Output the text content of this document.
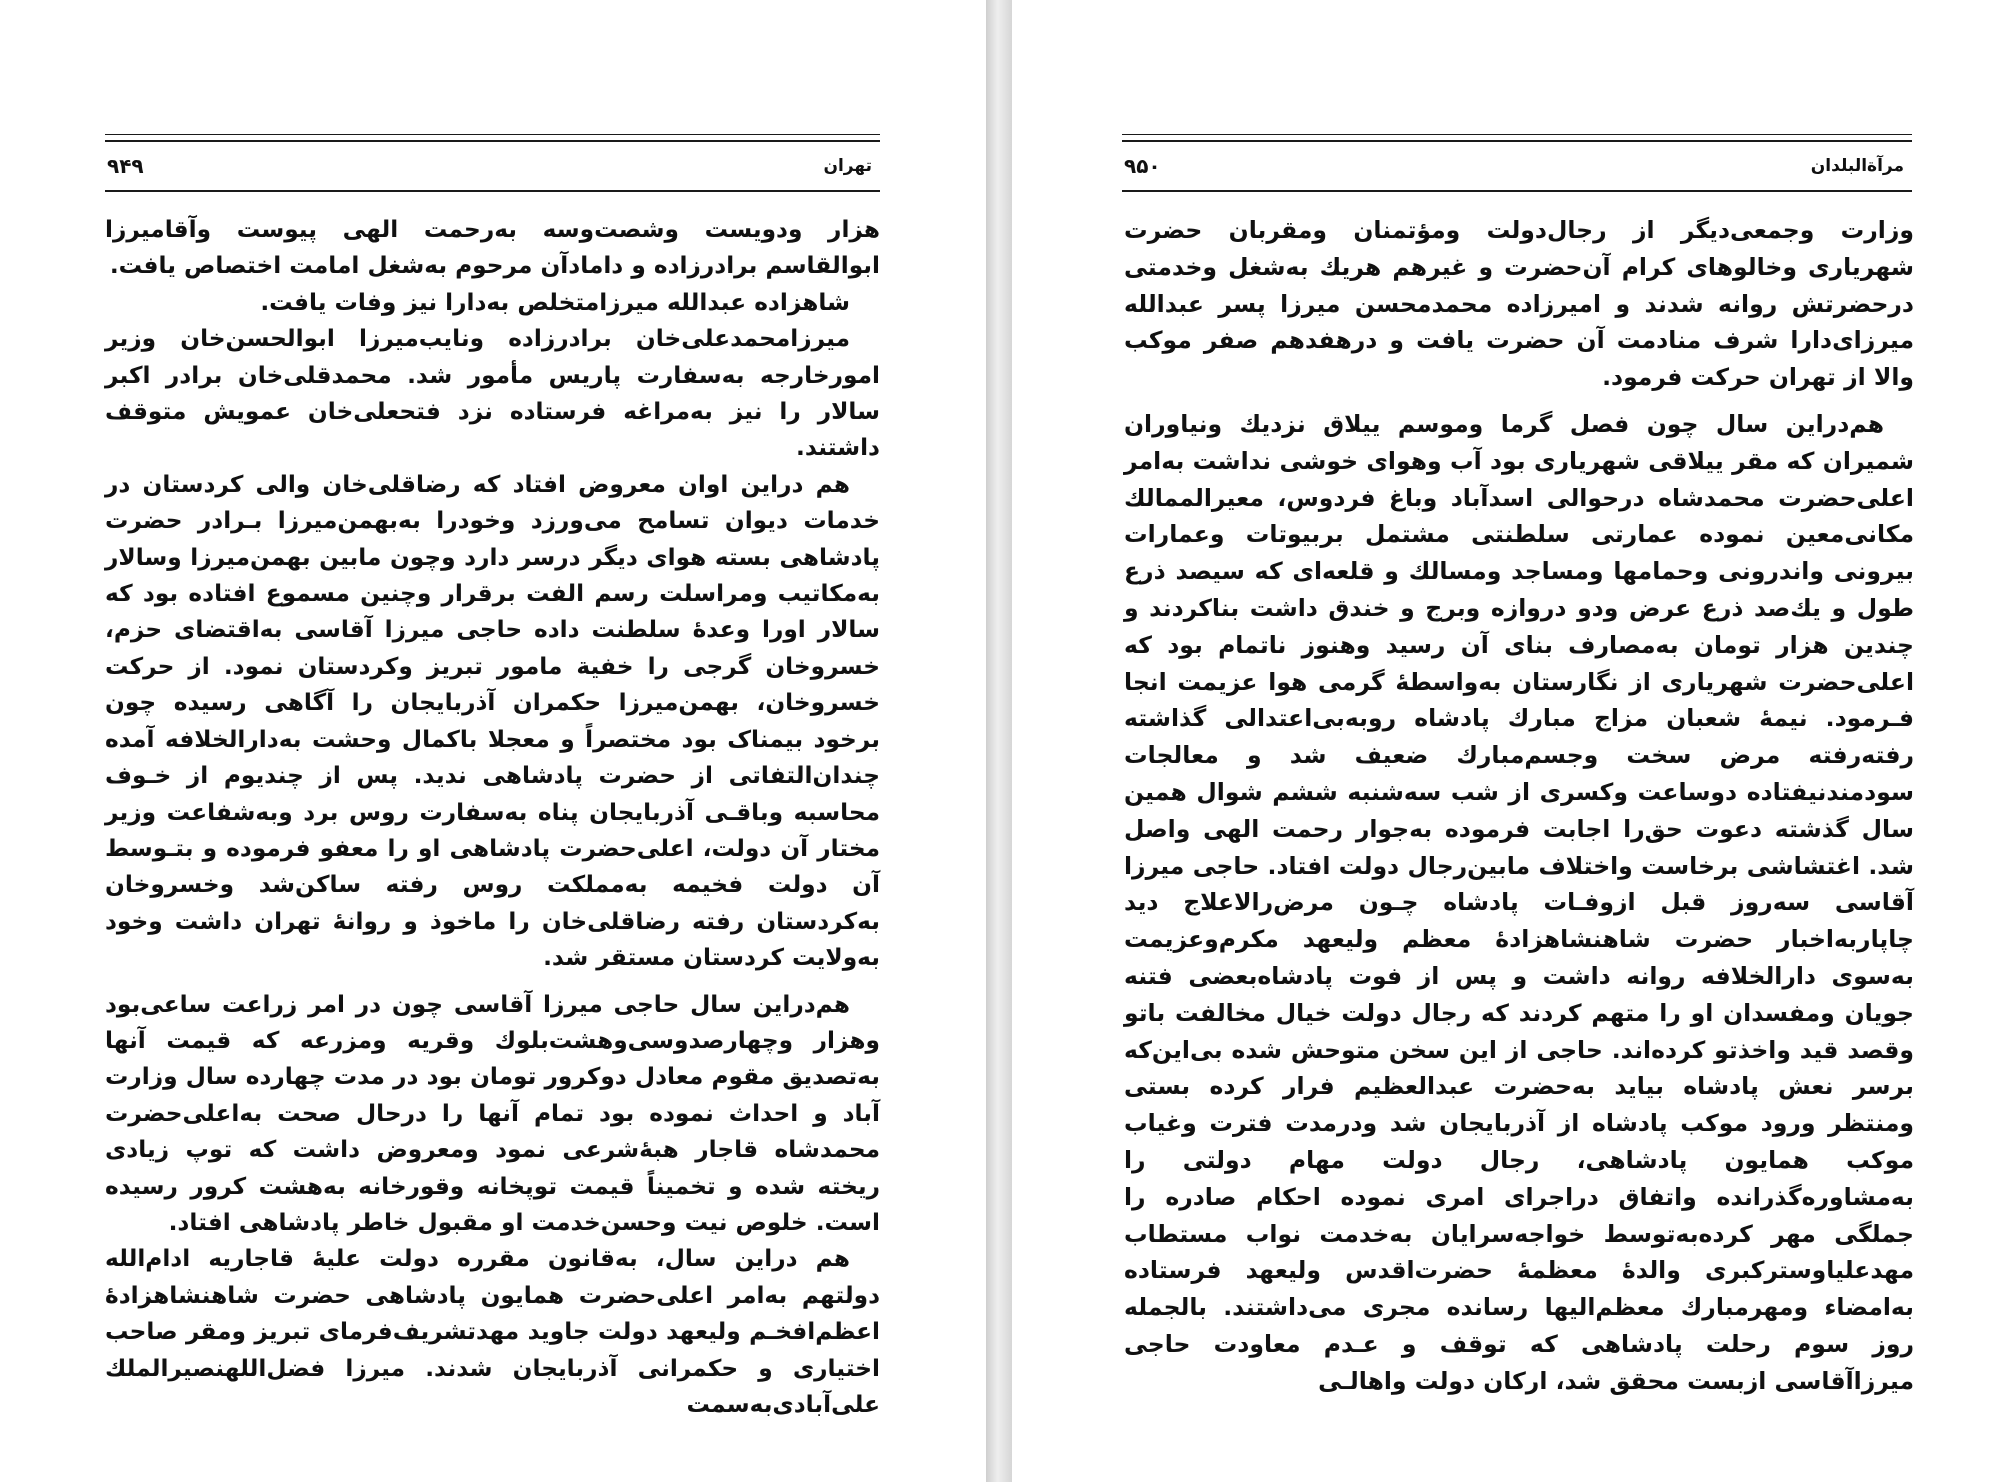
تهران
۹۴۹

هزار ودویست وشصت‌وسه به‌رحمت الهی پیوست وآقامیرزا ابوالقاسم برادرزاده و داماد‌آن مرحوم به‌شغل امامت اختصاص یافت.

شاهزاده عبدالله میرزامتخلص به‌دارا نیز وفات یافت.

میرزامحمدعلی‌خان برادرزاده ونایب‌میرزا ابوالحسن‌خان وزیر امورخارجه به‌سفارت پاریس مأمور شد. محمدقلی‌خان برادر اکبر سالار را نیز به‌مراغه فرستاده نزد فتحعلی‌خان عمویش متوقف داشتند.

هم دراین اوان معروض افتاد که رضاقلی‌خان والی کردستان در خدمات دیوان تسامح می‌ورزد وخودرا به‌بهمن‌میرزا بـرادر حضرت پادشاهی بسته هوای دیگر درسر دارد وچون مابین بهمن‌میرزا وسالار به‌مکاتیب ومراسلت رسم الفت برقرار وچنین مسموع افتاده بود که سالار اورا وعدهٔ سلطنت داده حاجی میرزا آقاسی به‌اقتضای حزم، خسروخان گرجی را خفیة مامور تبریز وکردستان نمود. از حرکت خسروخان، بهمن‌میرزا حکمران آذربایجان را آگاهی رسیده چون برخود بیمناک بود مختصراً و معجلا باکمال وحشت به‌دارالخلافه آمده چندان‌التفاتی از حضرت پادشاهی ندید. پس از چندیوم از خـوف محاسبه وباقـی آذربایجان پناه به‌سفارت روس برد وبه‌شفاعت وزیر مختار آن دولت، اعلی‌حضرت پادشاهی او را معفو فرموده و بتـوسط آن دولت فخیمه به‌مملکت روس رفته ساکن‌شد وخسروخان به‌کردستان رفته رضاقلی‌خان را ماخوذ و روانهٔ تهران داشت وخود به‌ولایت کردستان مستقر شد.

هم‌دراین سال حاجی میرزا آقاسی چون در امر زراعت ساعی‌بود وهزار وچهارصدوسی‌وهشت‌بلوك وقریه ومزرعه که قیمت آنها به‌تصدیق مقوم معادل دوکرور تومان بود در مدت چهارده سال وزارت آباد و احداث نموده بود تمام آنها را درحال صحت به‌اعلی‌حضرت محمدشاه قاجار هبهٔ‌شرعی نمود ومعروض داشت که توپ زیادی ریخته شده و تخمیناً قیمت توپخانه وقورخانه به‌هشت کرور رسیده است. خلوص نیت وحسن‌خدمت او مقبول خاطر پادشاهی افتاد.

هم دراین سال، به‌قانون مقرره دولت علیهٔ قاجاریه ادام‌الله دولتهم به‌امر اعلی‌حضرت همایون پادشاهی حضرت شاهنشاهزادهٔ اعظم‌افخـم ولیعهد دولت جاوید مهدتشریف‌فرمای تبریز ومقر صاحب اختیاری و حکمرانی آذربایجان شدند. میرزا فضل‌اللهنصیرالملك علی‌آبادی‌به‌سمت

مرآة‌البلدان
۹۵۰

وزارت وجمعی‌دیگر از رجال‌دولت ومؤتمنان ومقربان حضرت شهریاری وخالوهای کرام آن‌حضرت و غیرهم هریك به‌شغل وخدمتی درحضرتش روانه شدند و امیرزاده محمدمحسن میرزا پسر عبدالله میرزای‌دارا شرف منادمت آن حضرت یافت و درهفدهم صفر موکب والا از تهران حرکت فرمود.

هم‌دراین سال چون فصل گرما وموسم ییلاق نزدیك ونیاوران شمیران که مقر ییلاقی شهریاری بود آب وهوای خوشی نداشت به‌امر اعلی‌حضرت محمدشاه درحوالی اسدآباد وباغ فردوس، معیرالممالك مکانی‌معین نموده عمارتی سلطنتی مشتمل بربیوتات وعمارات بیرونی واندرونی وحمامها ومساجد ومسالك و قلعه‌ای که سیصد ذرع طول و یك‌صد ذرع عرض ودو دروازه وبرج و خندق داشت بناکردند و چندین هزار تومان به‌مصارف بنای آن رسید وهنوز ناتمام بود که اعلی‌حضرت شهریاری از نگارستان به‌واسطهٔ گرمی هوا عزیمت انجا فـرمود. نیمهٔ شعبان مزاج مبارك پادشاه روبه‌بی‌اعتدالی گذاشته رفته‌رفته مرض سخت وجسم‌مبارك ضعیف شد و معالجات سودمندنیفتاده دوساعت وکسری از شب سه‌شنبه ششم شوال همین سال گذشته دعوت حق‌را اجابت فرموده به‌جوار رحمت الهی واصل شد. اغتشاشی برخاست واختلاف مابین‌رجال دولت افتاد. حاجی میرزا آقاسی سه‌روز قبل ازوفـات پادشاه چـون مرض‌رالاعلاج دید چاپاربه‌اخبار حضرت شاهنشاهزادهٔ معظم ولیعهد مکرم‌وعزیمت به‌سوی دارالخلافه روانه داشت و پس از فوت پادشاه‌بعضی فتنه جویان ومفسدان او را متهم کردند که رجال دولت خیال مخالفت باتو وقصد قید واخذتو کرده‌اند. حاجی از این سخن متوحش شده بی‌این‌که برسر نعش پادشاه بیاید به‌حضرت عبدالعظیم فرار کرده بستی ومنتظر ورود موکب پادشاه از آذربایجان شد ودرمدت فترت وغیاب موکب همایون پادشاهی، رجال دولت مهام دولتی را به‌مشاوره‌گذرانده واتفاق دراجرای امری نموده احکام صادره را جملگی مهر کرده‌به‌توسط خواجه‌سرایان به‌خدمت نواب مستطاب مهدعلیاوسترکبری والدهٔ معظمهٔ حضرت‌اقدس ولیعهد فرستاده به‌امضاء ومهرمبارك معظم‌الیها رسانده مجری می‌داشتند. بالجمله روز سوم رحلت پادشاهی که توقف و عـدم معاودت حاجی میرزاآقاسی ازبست محقق شد، ارکان دولت واهالـی
